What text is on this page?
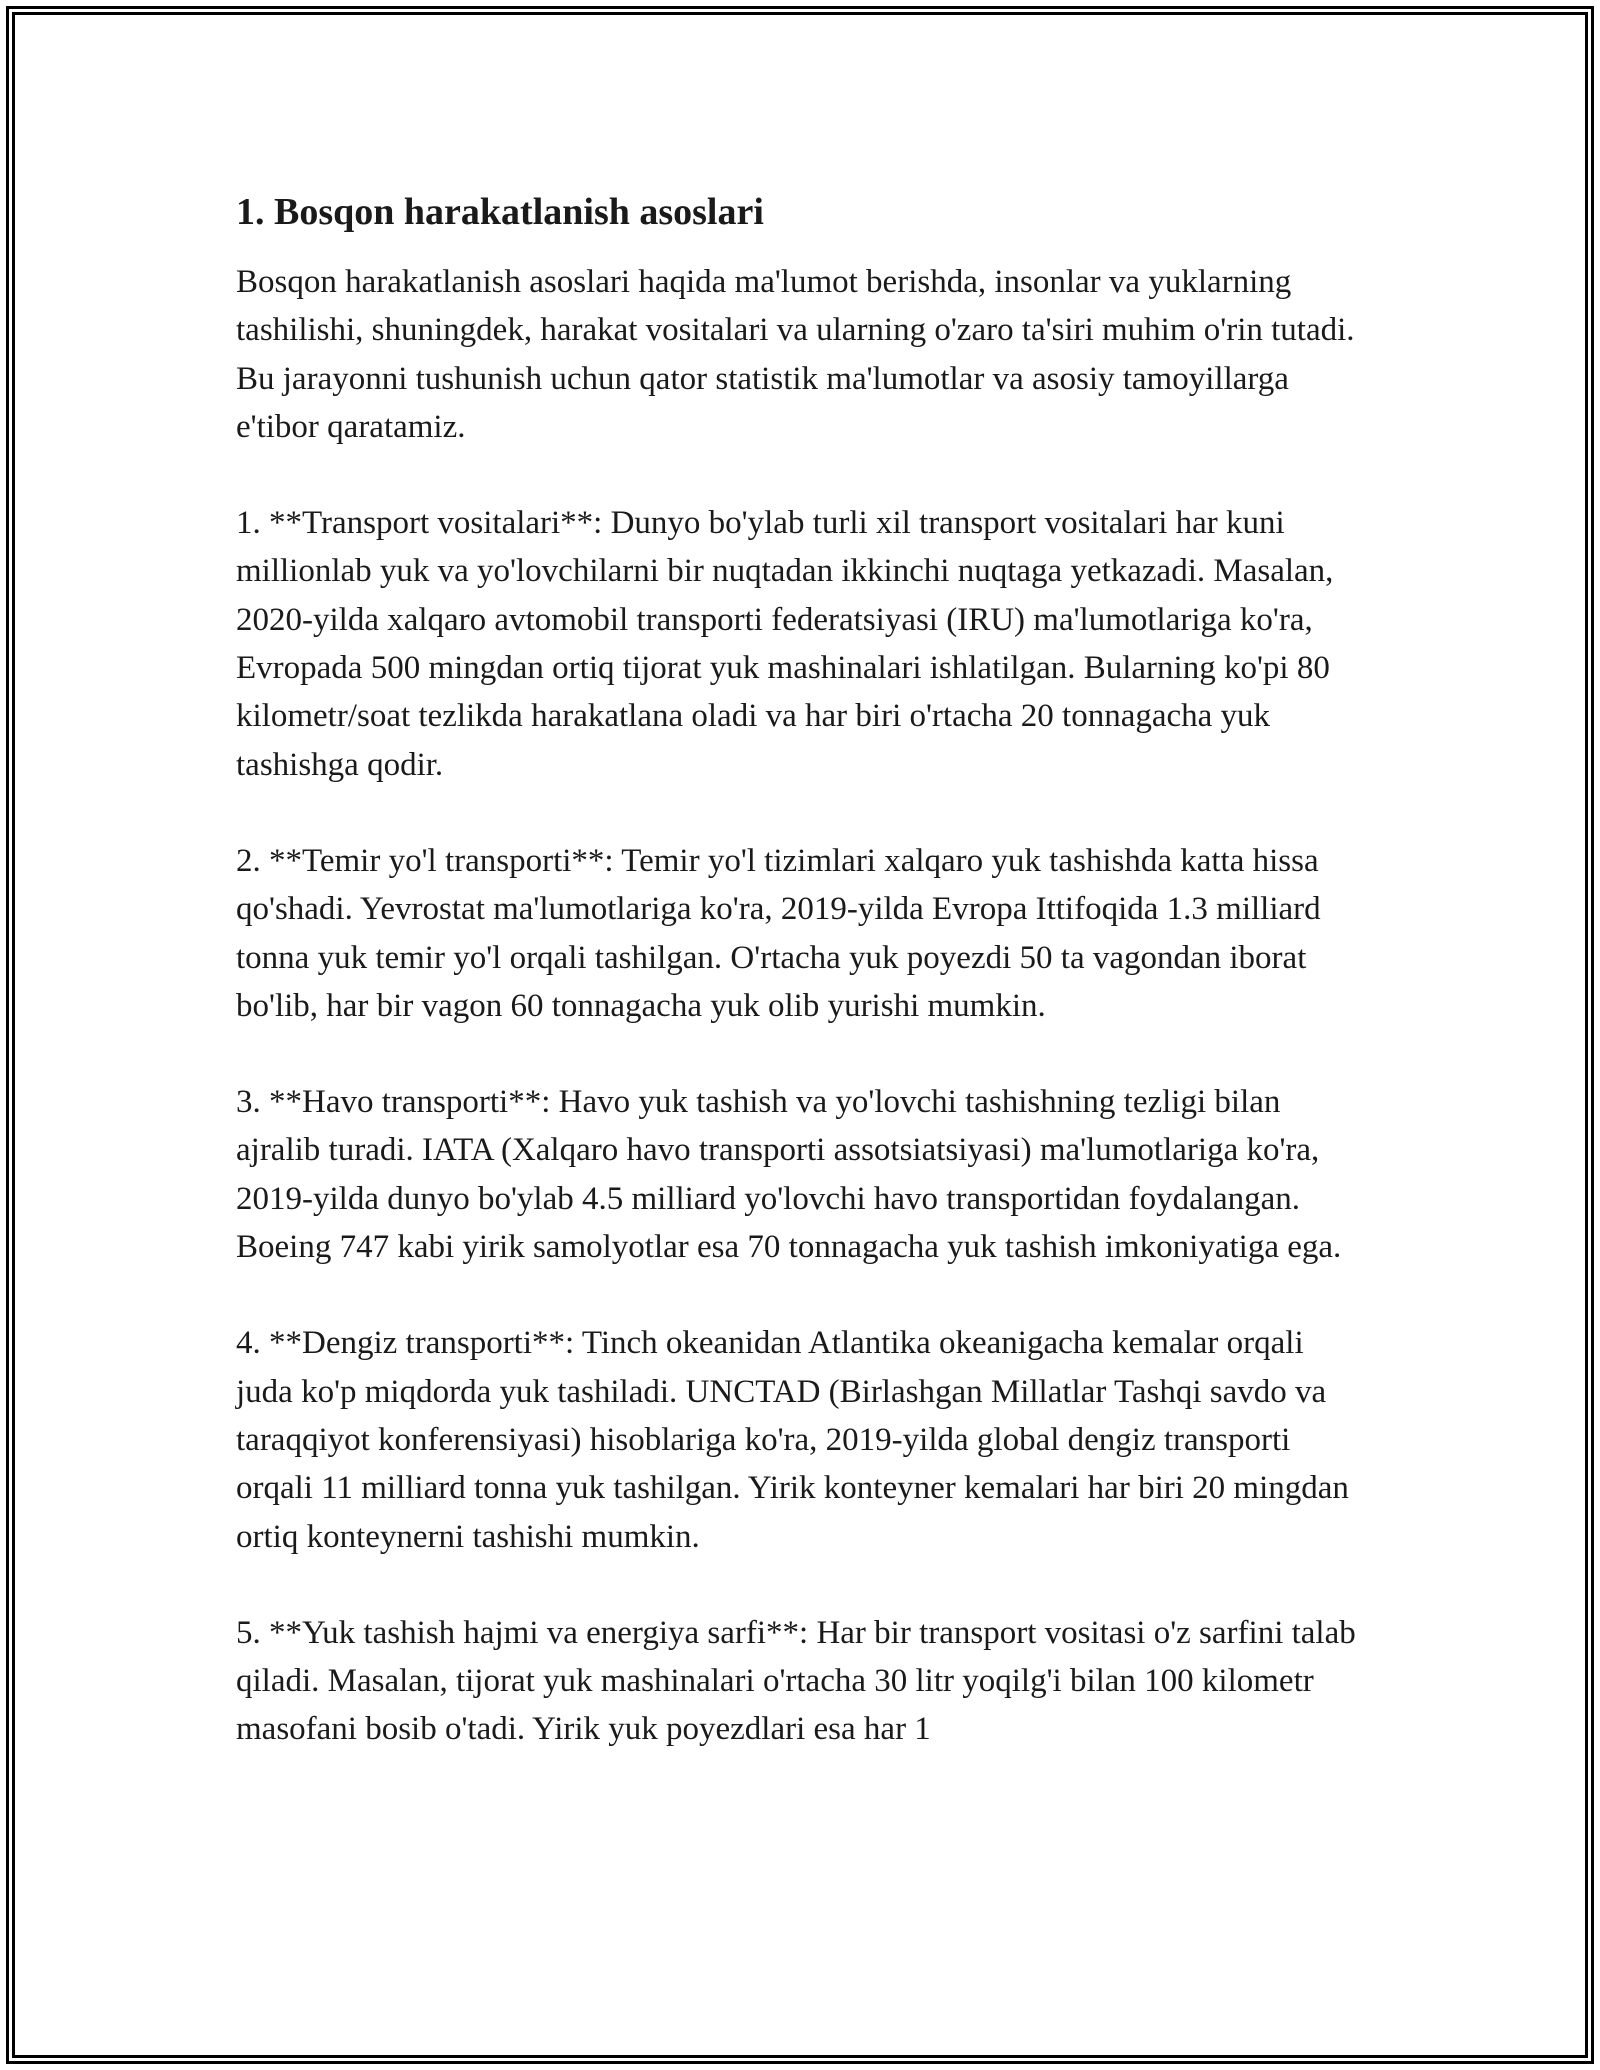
1. Bosqon harakatlanish asoslari

Bosqon harakatlanish asoslari haqida ma'lumot berishda, insonlar va yuklarning tashilishi, shuningdek, harakat vositalari va ularning o'zaro ta'siri muhim o'rin tutadi. Bu jarayonni tushunish uchun qator statistik ma'lumotlar va asosiy tamoyillarga e'tibor qaratamiz.

1. **Transport vositalari**: Dunyo bo'ylab turli xil transport vositalari har kuni millionlab yuk va yo'lovchilarni bir nuqtadan ikkinchi nuqtaga yetkazadi. Masalan, 2020-yilda xalqaro avtomobil transporti federatsiyasi (IRU) ma'lumotlariga ko'ra, Evropada 500 mingdan ortiq tijorat yuk mashinalari ishlatilgan. Bularning ko'pi 80 kilometr/soat tezlikda harakatlana oladi va har biri o'rtacha 20 tonnagacha yuk tashishga qodir.

2. **Temir yo'l transporti**: Temir yo'l tizimlari xalqaro yuk tashishda katta hissa qo'shadi. Yevrostat ma'lumotlariga ko'ra, 2019-yilda Evropa Ittifoqida 1.3 milliard tonna yuk temir yo'l orqali tashilgan. O'rtacha yuk poyezdi 50 ta vagondan iborat bo'lib, har bir vagon 60 tonnagacha yuk olib yurishi mumkin.

3. **Havo transporti**: Havo yuk tashish va yo'lovchi tashishning tezligi bilan ajralib turadi. IATA (Xalqaro havo transporti assotsiatsiyasi) ma'lumotlariga ko'ra, 2019-yilda dunyo bo'ylab 4.5 milliard yo'lovchi havo transportidan foydalangan. Boeing 747 kabi yirik samolyotlar esa 70 tonnagacha yuk tashish imkoniyatiga ega.

4. **Dengiz transporti**: Tinch okeanidan Atlantika okeanigacha kemalar orqali juda ko'p miqdorda yuk tashiladi. UNCTAD (Birlashgan Millatlar Tashqi savdo va taraqqiyot konferensiyasi) hisoblariga ko'ra, 2019-yilda global dengiz transporti orqali 11 milliard tonna yuk tashilgan. Yirik konteyner kemalari har biri 20 mingdan ortiq konteynerni tashishi mumkin.

5. **Yuk tashish hajmi va energiya sarfi**: Har bir transport vositasi o'z sarfini talab qiladi. Masalan, tijorat yuk mashinalari o'rtacha 30 litr yoqilg'i bilan 100 kilometr masofani bosib o'tadi. Yirik yuk poyezdlari esa har 1
